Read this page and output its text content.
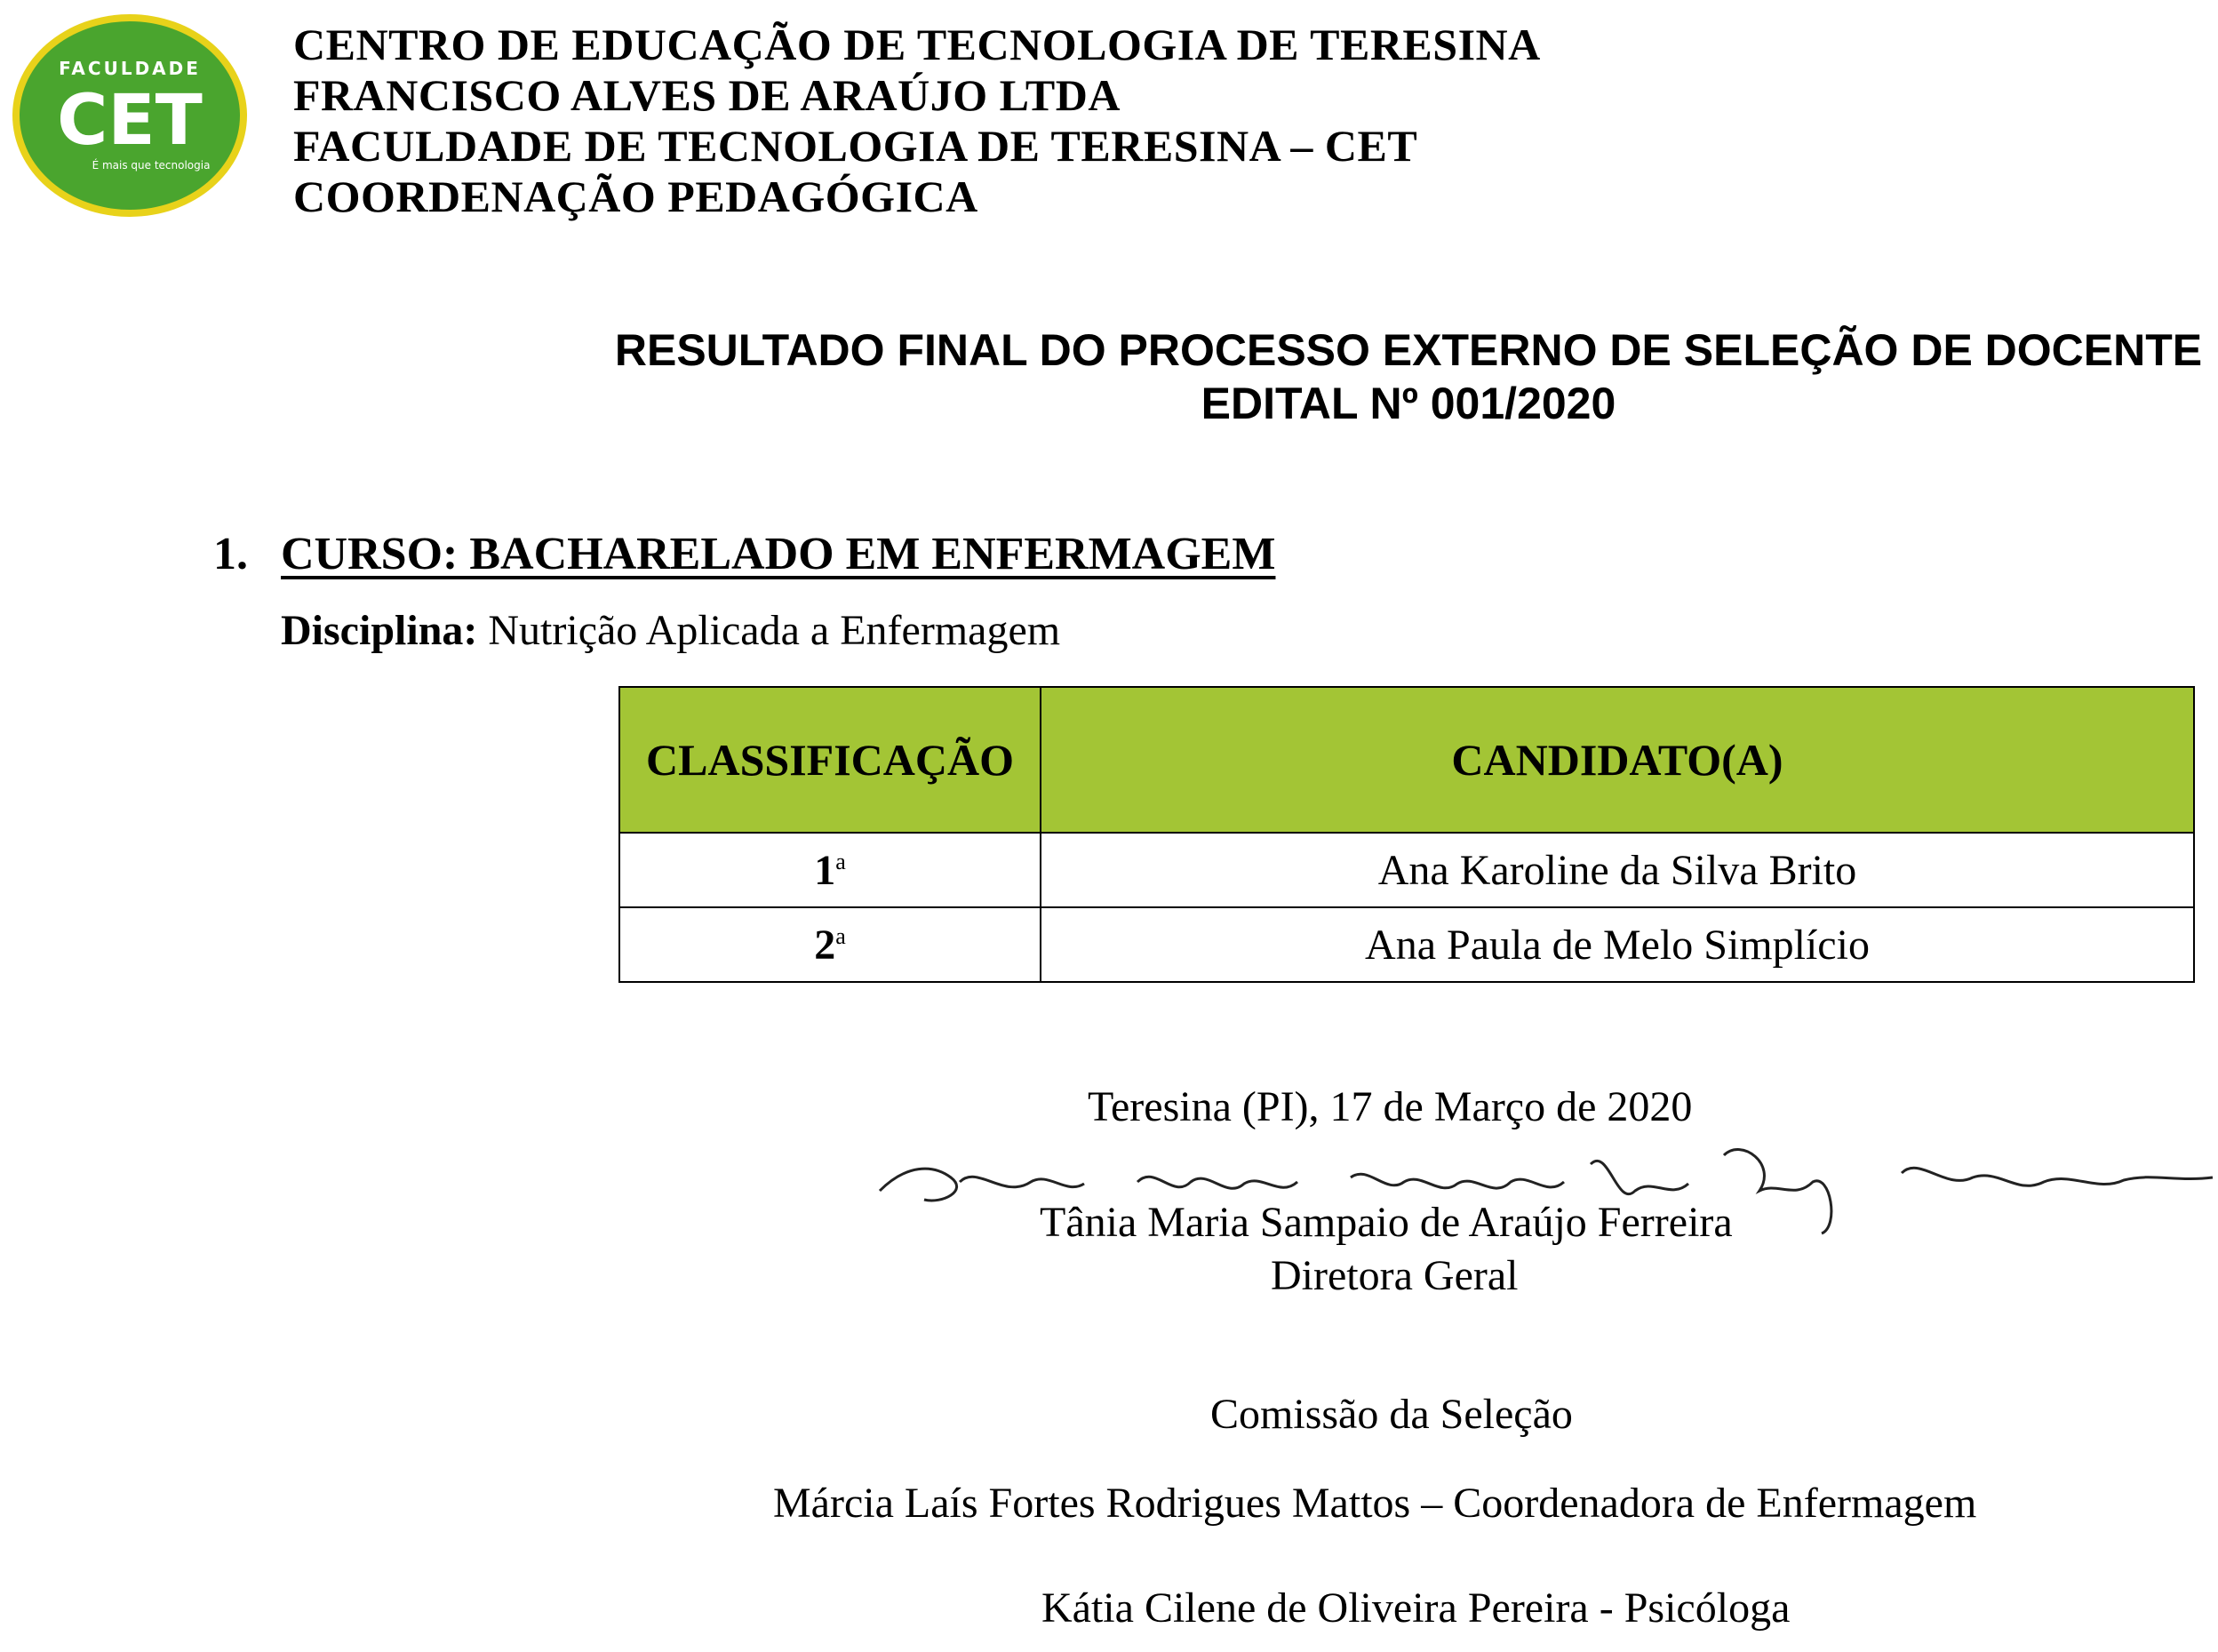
FACULDADE
CET
É mais que tecnologia
CENTRO DE EDUCAÇÃO DE TECNOLOGIA DE TERESINA
FRANCISCO ALVES DE ARAÚJO LTDA
FACULDADE DE TECNOLOGIA DE TERESINA – CET
COORDENAÇÃO PEDAGÓGICA
RESULTADO FINAL DO PROCESSO EXTERNO DE SELEÇÃO DE DOCENTE
EDITAL Nº 001/2020
1. CURSO: BACHARELADO EM ENFERMAGEM
Disciplina: Nutrição Aplicada a Enfermagem
CLASSIFICAÇÃO	CANDIDATO(A)
1$^a$	Ana Karoline da Silva Brito
2$^a$	Ana Paula de Melo Simplício
Teresina (PI), 17 de Março de 2020
Tânia Maria Sampaio de Araújo Ferreira
Diretora Geral
Comissão da Seleção
Márcia Laís Fortes Rodrigues Mattos – Coordenadora de Enfermagem
Kátia Cilene de Oliveira Pereira - Psicóloga
